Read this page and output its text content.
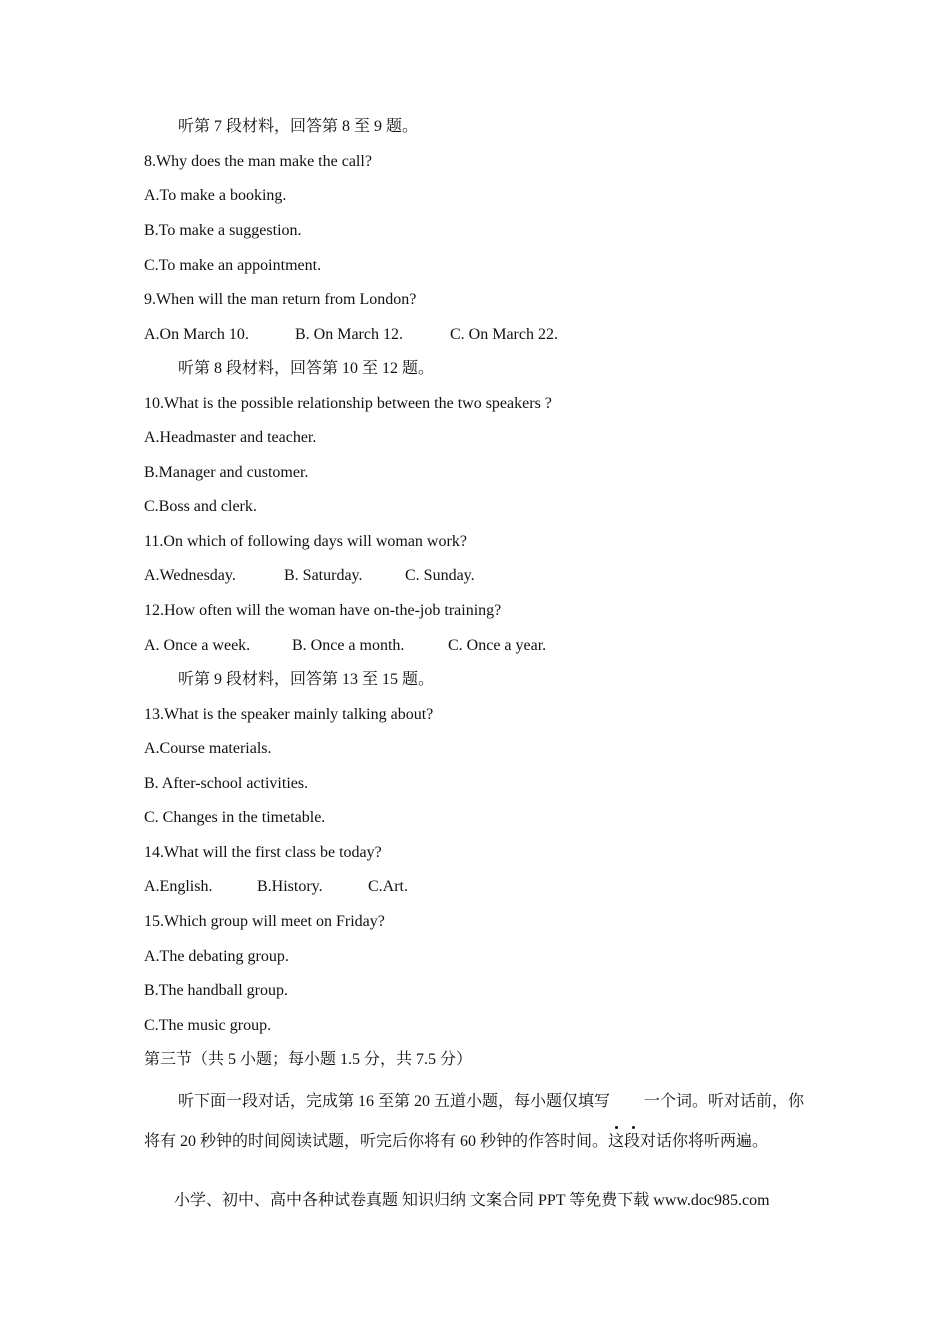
听第 7 段材料，回答第 8 至 9 题。
8.Why does the man make the call?
A.To make a booking.
B.To make a suggestion.
C.To make an appointment.
9.When will the man return from London?
A.On March 10.	B. On March 12.	C. On March 22.
听第 8 段材料，回答第 10 至 12 题。
10.What is the possible relationship between the two speakers ?
A.Headmaster and teacher.
B.Manager and customer.
C.Boss and clerk.
11.On which of following days will woman work?
A.Wednesday.	B. Saturday.	C. Sunday.
12.How often will the woman have on-the-job training?
A. Once a week.	B. Once a month.	C. Once a year.
听第 9 段材料，回答第 13 至 15 题。
13.What is the speaker mainly talking about?
A.Course materials.
B. After-school activities.
C. Changes in the timetable.
14.What will the first class be today?
A.English.	B.History.	C.Art.
15.Which group will meet on Friday?
A.The debating group.
B.The handball group.
C.The music group.
第三节（共 5 小题；每小题 1.5 分，共 7.5 分）
听下面一段对话，完成第 16 至第 20 五道小题，每小题仅填写 一个
词。听对话前，你将有 20 秒钟的时间阅读试题，听完后你将有 60 秒钟的作答时间。这段对话你将听两遍。
小学、初中、高中各种试卷真题 知识归纳 文案合同 PPT 等免费下载 www.doc985.com
